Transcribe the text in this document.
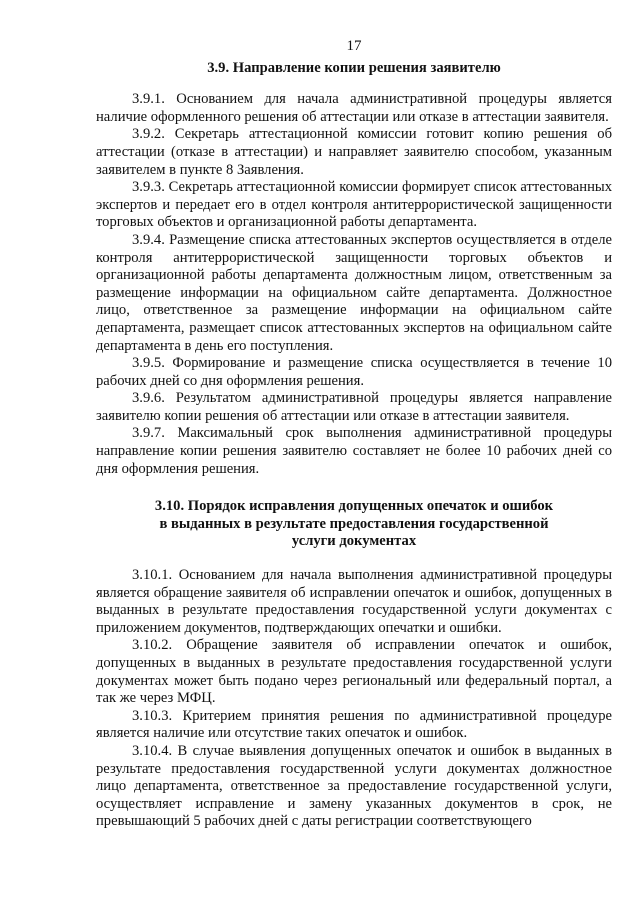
17
3.9. Направление копии решения заявителю

3.9.1. Основанием для начала административной процедуры является наличие оформленного решения об аттестации или отказе в аттестации заявителя.

3.9.2. Секретарь аттестационной комиссии готовит копию решения об аттестации (отказе в аттестации) и направляет заявителю способом, указанным заявителем в пункте 8 Заявления.

3.9.3. Секретарь аттестационной комиссии формирует список аттестованных экспертов и передает его в отдел контроля антитеррористической защищенности торговых объектов и организационной работы департамента.

3.9.4. Размещение списка аттестованных экспертов осуществляется в отделе контроля антитеррористической защищенности торговых объектов и организационной работы департамента должностным лицом, ответственным за размещение информации на официальном сайте департамента. Должностное лицо, ответственное за размещение информации на официальном сайте департамента, размещает список аттестованных экспертов на официальном сайте департамента в день его поступления.

3.9.5. Формирование и размещение списка осуществляется в течение 10 рабочих дней со дня оформления решения.

3.9.6. Результатом административной процедуры является направление заявителю копии решения об аттестации или отказе в аттестации заявителя.

3.9.7. Максимальный срок выполнения административной процедуры направление копии решения заявителю составляет не более 10 рабочих дней со дня оформления решения.

3.10. Порядок исправления допущенных опечаток и ошибок
в выданных в результате предоставления государственной
услуги документах

3.10.1. Основанием для начала выполнения административной процедуры является обращение заявителя об исправлении опечаток и ошибок, допущенных в выданных в результате предоставления государственной услуги документах с приложением документов, подтверждающих опечатки и ошибки.

3.10.2. Обращение заявителя об исправлении опечаток и ошибок, допущенных в выданных в результате предоставления государственной услуги документах может быть подано через региональный или федеральный портал, а так же через МФЦ.

3.10.3. Критерием принятия решения по административной процедуре является наличие или отсутствие таких опечаток и ошибок.

3.10.4. В случае выявления допущенных опечаток и ошибок в выданных в результате предоставления государственной услуги документах должностное лицо департамента, ответственное за предоставление государственной услуги, осуществляет исправление и замену указанных документов в срок, не превышающий 5 рабочих дней с даты регистрации соответствующего
